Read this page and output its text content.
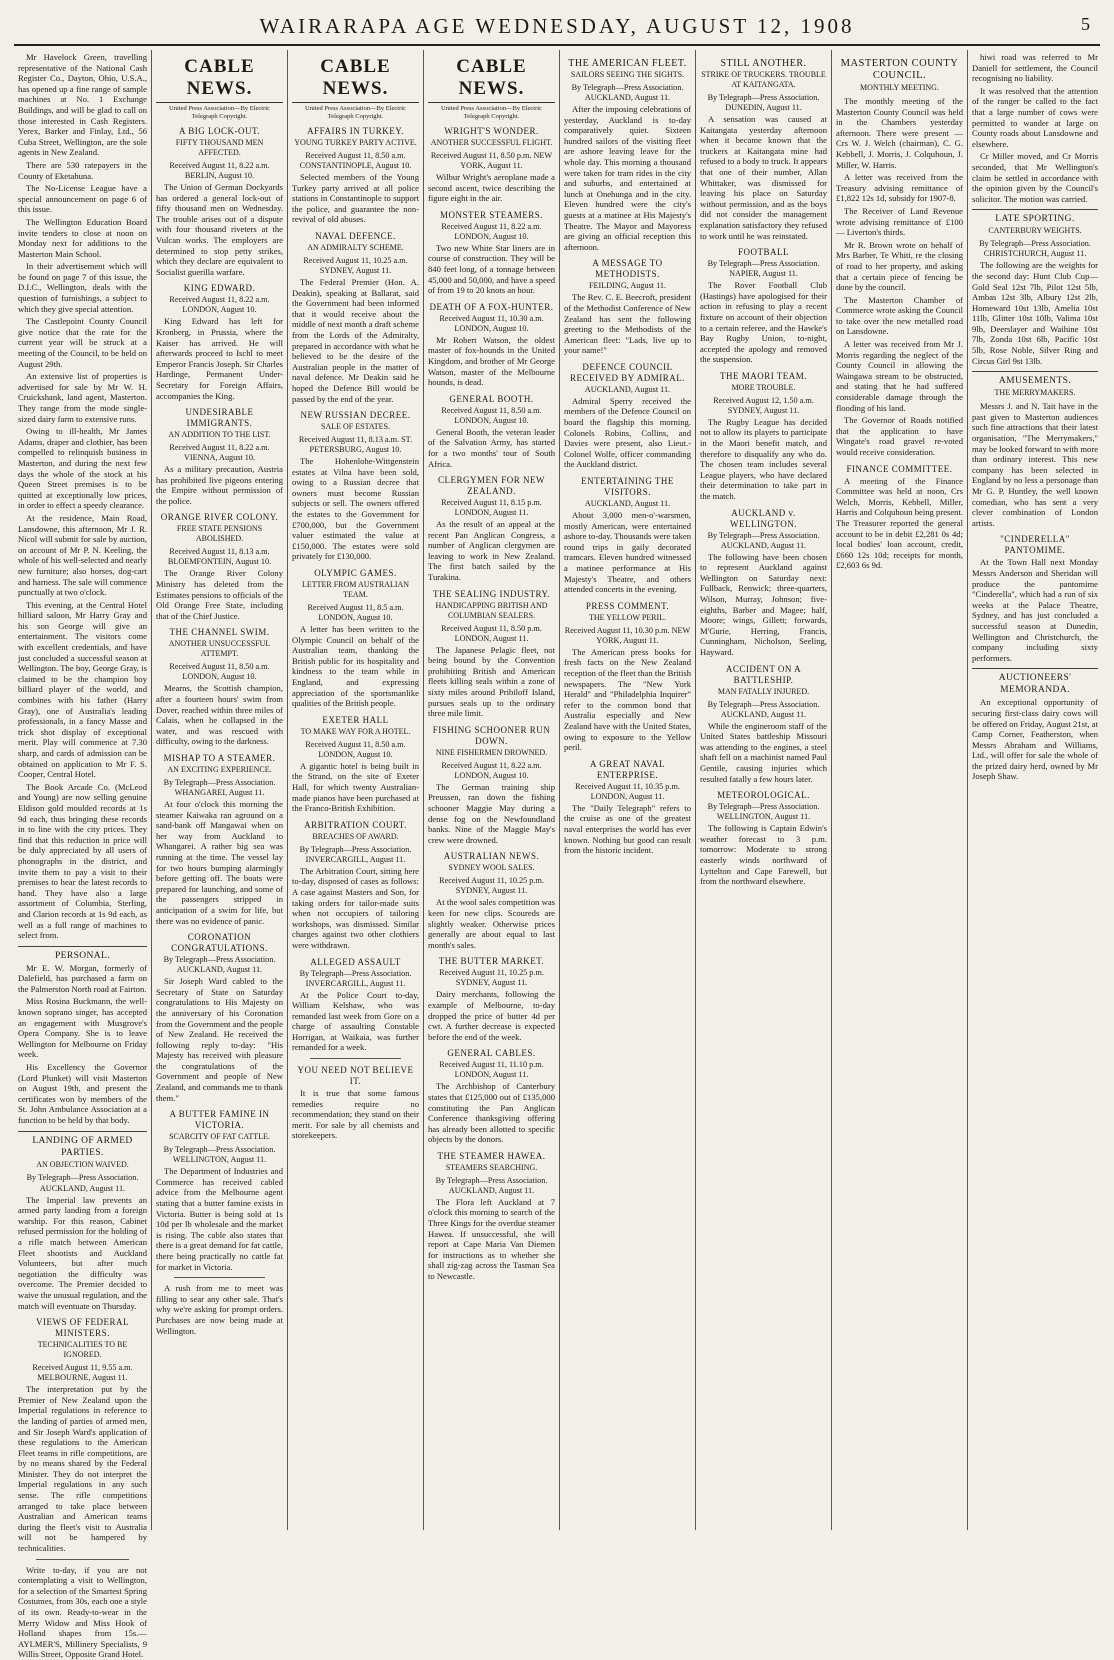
WAIRARAPA AGE WEDNESDAY, AUGUST 12, 1908	5

Mr Havelock Green, travelling representative of the National Cash Register Co., Dayton, Ohio, U.S.A., has opened up a fine range of sample machines at No. 1 Exchange Buildings, and will be glad to call on those interested in Cash Registers. Yerex, Barker and Finlay, Ltd., 56 Cuba Street, Wellington, are the sole agents in New Zealand.

There are 530 ratepayers in the County of Eketahuna.

The No-License League have a special announcement on page 6 of this issue.

The Wellington Education Board invite tenders to close at noon on Monday next for additions to the Masterton Main School.

In their advertisement which will be found on page 7 of this issue, the D.I.C., Wellington, deals with the question of furnishings, a subject to which they give special attention.

The Castlepoint County Council give notice that the rate for the current year will be struck at a meeting of the Council, to be held on August 29th.

An extensive list of properties is advertised for sale by Mr W. H. Cruickshank, land agent, Masterton. They range from the mode single-sized dairy farm to extensive runs.

Owing to ill-health, Mr James Adams, draper and clothier, has been compelled to relinquish business in Masterton, and during the next few days the whole of the stock at his Queen Street premises is to be quitted at exceptionally low prices, in order to effect a speedy clearance.

At the residence, Main Road, Lansdowne, this afternoon, Mr J. R. Nicol will submit for sale by auction, on account of Mr P. N. Keeling, the whole of his well-selected and nearly new furniture; also horses, dog-cart and harness. The sale will commence punctually at two o'clock.

This evening, at the Central Hotel billiard saloon, Mr Harry Gray and his son George will give an entertainment. The visitors come with excellent credentials, and have just concluded a successful season at Wellington. The boy, George Gray, is claimed to be the champion boy billiard player of the world, and combines with his father (Harry Gray), one of Australia's leading professionals, in a fancy Masse and trick shot display of exceptional merit. Play will commence at 7.30 sharp, and cards of admission can be obtained on application to Mr F. S. Cooper, Central Hotel.

The Book Arcade Co. (McLeod and Young) are now selling genuine Eldison gold moulded records at 1s 9d each, thus bringing these records in to line with the city prices. They find that this reduction in price will be duly appreciated by all users of phonographs in the district, and invite them to pay a visit to their premises to hear the latest records to hand. They have also a large assortment of Columbia, Sterling, and Clarion records at 1s 9d each, as well as a full range of machines to select from.

PERSONAL.

Mr E. W. Morgan, formerly of Dalefield, has purchased a farm on the Palmerston North road at Fairton.

Miss Rosina Buckmann, the well-known soprano singer, has accepted an engagement with Musgrove's Opera Company. She is to leave Wellington for Melbourne on Friday week.

His Excellency the Governor (Lord Plunket) will visit Masterton on August 19th, and present the certificates won by members of the St. John Ambulance Association at a function to be held by that body.

LANDING OF ARMED PARTIES.
AN OBJECTION WAIVED.
By Telegraph—Press Association.
AUCKLAND, August 11.

The Imperial law prevents an armed party landing from a foreign warship. For this reason, Cabinet refused permission for the holding of a rifle match between American Fleet shootists and Auckland Volunteers, but after much negotiation the difficulty was overcome. The Premier decided to waive the unusual regulation, and the match will eventuate on Thursday.

VIEWS OF FEDERAL MINISTERS.
TECHNICALITIES TO BE IGNORED.
Received August 11, 9.55 a.m. MELBOURNE, August 11.

The interpretation put by the Premier of New Zealand upon the Imperial regulations in reference to the landing of parties of armed men, and Sir Joseph Ward's application of these regulations to the American Fleet teams in rifle competitions, are by no means shared by the Federal Minister. They do not interpret the Imperial regulations in any such sense. The rifle competitions arranged to take place between Australian and American teams during the fleet's visit to Australia will not be hampered by technicalities.

Write to-day, if you are not contemplating a visit to Wellington, for a selection of the Smartest Spring Costumes, from 30s, each one a style of its own. Ready-to-wear in the Merry Widow and Miss Hook of Holland shapes from 15s.—AYLMER'S, Millinery Specialists, 9 Willis Street, Opposite Grand Hotel.

CABLE NEWS.
United Press Association—By Electric Telegraph Copyright.
A BIG LOCK-OUT.
FIFTY THOUSAND MEN AFFECTED.
Received August 11, 8.22 a.m. BERLIN, August 10.

The Union of German Dockyards has ordered a general lock-out of fifty thousand men on Wednesday. The trouble arises out of a dispute with four thousand riveters at the Vulcan works. The employers are determined to stop petty strikes, which they declare are equivalent to Socialist guerilla warfare.

KING EDWARD.
Received August 11, 8.22 a.m. LONDON, August 10.

King Edward has left for Kronberg, in Prussia, where the Kaiser has arrived. He will afterwards proceed to Ischl to meet Emperor Francis Joseph. Sir Charles Hardinge, Permanent Under-Secretary for Foreign Affairs, accompanies the King.

UNDESIRABLE IMMIGRANTS.
AN ADDITION TO THE LIST.
Received August 11, 8.22 a.m. VIENNA, August 10.

As a military precaution, Austria has prohibited live pigeons entering the Empire without permission of the police.

ORANGE RIVER COLONY.
FREE STATE PENSIONS ABOLISHED.
Received August 11, 8.13 a.m. BLOEMFONTEIN, August 10.

The Orange River Colony Ministry has deleted from the Estimates pensions to officials of the Old Orange Free State, including that of the Chief Justice.

THE CHANNEL SWIM.
ANOTHER UNSUCCESSFUL ATTEMPT.
Received August 11, 8.50 a.m. LONDON, August 10.

Mearns, the Scottish champion, after a fourteen hours' swim from Dover, reached within three miles of Calais, when he collapsed in the water, and was rescued with difficulty, owing to the darkness.

MISHAP TO A STEAMER.
AN EXCITING EXPERIENCE.
By Telegraph—Press Association. WHANGAREI, August 11.

At four o'clock this morning the steamer Kaiwaka ran aground on a sand-bank off Mangawai when on her way from Auckland to Whangarei. A rather big sea was running at the time. The vessel lay for two hours bumping alarmingly before getting off. The boats were prepared for launching, and some of the passengers stripped in anticipation of a swim for life, but there was no evidence of panic.

CORONATION CONGRATULATIONS.
By Telegraph—Press Association. AUCKLAND, August 11.

Sir Joseph Ward cabled to the Secretary of State on Saturday congratulations to His Majesty on the anniversary of his Coronation from the Government and the people of New Zealand. He received the following reply to-day: "His Majesty has received with pleasure the congratulations of the Government and people of New Zealand, and commands me to thank them."

A BUTTER FAMINE IN VICTORIA.
SCARCITY OF FAT CATTLE.
By Telegraph—Press Association. WELLINGTON, August 11.

The Department of Industries and Commerce has received cabled advice from the Melbourne agent stating that a butter famine exists in Victoria. Butter is being sold at 1s 10d per lb wholesale and the market is rising. The cable also states that there is a great demand for fat cattle, there being practically no cattle fat for market in Victoria.

A rush from me to meet was filling to sear any other sale. That's why we're asking for prompt orders. Purchases are now being made at Wellington.

CABLE NEWS.
United Press Association—By Electric Telegraph Copyright.
AFFAIRS IN TURKEY.
YOUNG TURKEY PARTY ACTIVE.
Received August 11, 8.50 a.m. CONSTANTINOPLE, August 10.

Selected members of the Young Turkey party arrived at all police stations in Constantinople to support the police, and guarantee the non-revival of old abuses.

NAVAL DEFENCE.
AN ADMIRALTY SCHEME.
Received August 11, 10.25 a.m. SYDNEY, August 11.

The Federal Premier (Hon. A. Deakin), speaking at Ballarat, said the Government had been informed that it would receive about the middle of next month a draft scheme from the Lords of the Admiralty, prepared in accordance with what he believed to be the desire of the Australian people in the matter of naval defence. Mr Deakin said he hoped the Defence Bill would be passed by the end of the year.

NEW RUSSIAN DECREE.
SALE OF ESTATES.
Received August 11, 8.13 a.m. ST. PETERSBURG, August 10.

The Hohenlohe-Wittgenstein estates at Vilna have been sold, owing to a Russian decree that owners must become Russian subjects or sell. The owners offered the estates to the Government for £700,000, but the Government valuer estimated the value at £150,000. The estates were sold privately for £130,000.

OLYMPIC GAMES.
LETTER FROM AUSTRALIAN TEAM.
Received August 11, 8.5 a.m. LONDON, August 10.

A letter has been written to the Olympic Council on behalf of the Australian team, thanking the British public for its hospitality and kindness to the team while in England, and expressing appreciation of the sportsmanlike qualities of the British people.

EXETER HALL
TO MAKE WAY FOR A HOTEL.
Received August 11, 8.50 a.m. LONDON, August 10.

A gigantic hotel is being built in the Strand, on the site of Exeter Hall, for which twenty Australian-made pianos have been purchased at the Franco-British Exhibition.

ARBITRATION COURT.
BREACHES OF AWARD.
By Telegraph—Press Association. INVERCARGILL, August 11.

The Arbitration Court, sitting here to-day, disposed of cases as follows: A case against Masters and Son, for taking orders for tailor-made suits when not occupiers of tailoring workshops, was dismissed. Similar charges against two other clothiers were withdrawn.

ALLEGED ASSAULT
By Telegraph—Press Association. INVERCARGILL, August 11.

At the Police Court to-day, William Kelshaw, who was remanded last week from Gore on a charge of assaulting Constable Horrigan, at Waikaia, was further remanded for a week.

YOU NEED NOT BELIEVE IT.

It is true that some famous remedies require no recommendation; they stand on their merit. For sale by all chemists and storekeepers.

CABLE NEWS.
United Press Association—By Electric Telegraph Copyright.
WRIGHT'S WONDER.
ANOTHER SUCCESSFUL FLIGHT.
Received August 11, 8.50 p.m. NEW YORK, August 11.

Wilbur Wright's aeroplane made a second ascent, twice describing the figure eight in the air.

MONSTER STEAMERS.
Received August 11, 8.22 a.m. LONDON, August 10.

Two new White Star liners are in course of construction. They will be 840 feet long, of a tonnage between 45,000 and 50,000, and have a speed of from 19 to 20 knots an hour.

DEATH OF A FOX-HUNTER.
Received August 11, 10.30 a.m. LONDON, August 10.

Mr Robert Watson, the oldest master of fox-hounds in the United Kingdom, and brother of Mr George Watson, master of the Melbourne hounds, is dead.

GENERAL BOOTH.
Received August 11, 8.50 a.m. LONDON, August 10.

General Booth, the veteran leader of the Salvation Army, has started for a two months' tour of South Africa.

CLERGYMEN FOR NEW ZEALAND.
Received August 11, 8.15 p.m. LONDON, August 11.

As the result of an appeal at the recent Pan Anglican Congress, a number of Anglican clergymen are leaving to work in New Zealand. The first batch sailed by the Turakina.

THE SEALING INDUSTRY.
HANDICAPPING BRITISH AND COLUMBIAN SEALERS.
Received August 11, 8.50 p.m. LONDON, August 11.

The Japanese Pelagic fleet, not being bound by the Convention prohibiting British and American fleets killing seals within a zone of sixty miles around Pribiloff Island, pursues seals up to the ordinary three mile limit.

FISHING SCHOONER RUN DOWN.
NINE FISHERMEN DROWNED.
Received August 11, 8.22 a.m. LONDON, August 10.

The German training ship Preussen, ran down the fishing schooner Maggie May during a dense fog on the Newfoundland banks. Nine of the Maggie May's crew were drowned.

AUSTRALIAN NEWS.
SYDNEY WOOL SALES.
Received August 11, 10.25 p.m. SYDNEY, August 11.

At the wool sales competition was keen for new clips. Scoureds are slightly weaker. Otherwise prices generally are about equal to last month's sales.

THE BUTTER MARKET.
Received August 11, 10.25 p.m. SYDNEY, August 11.

Dairy merchants, following the example of Melbourne, to-day dropped the price of butter 4d per cwt. A further decrease is expected before the end of the week.

GENERAL CABLES.
Received August 11, 11.10 p.m. LONDON, August 11.

The Archbishop of Canterbury states that £125,000 out of £135,000 constituting the Pan Anglican Conference thanksgiving offering has already been allotted to specific objects by the donors.

THE STEAMER HAWEA.
STEAMERS SEARCHING.
By Telegraph—Press Association. AUCKLAND, August 11.

The Flora left Auckland at 7 o'clock this morning to search of the Three Kings for the overdue steamer Hawea. If unsuccessful, she will report at Cape Maria Van Diemen for instructions as to whether she shall zig-zag across the Tasman Sea to Newcastle.

THE AMERICAN FLEET.
SAILORS SEEING THE SIGHTS.
By Telegraph—Press Association. AUCKLAND, August 11.

After the imposing celebrations of yesterday, Auckland is to-day comparatively quiet. Sixteen hundred sailors of the visiting fleet are ashore leaving leave for the whole day. This morning a thousand were taken for tram rides in the city and suburbs, and entertained at lunch at Onehunga and in the city. Eleven hundred were the city's guests at a matinee at His Majesty's Theatre. The Mayor and Mayoress are giving an official reception this afternoon.

A MESSAGE TO METHODISTS.
FEILDING, August 11.

The Rev. C. E. Beecroft, president of the Methodist Conference of New Zealand has sent the following greeting to the Methodists of the American fleet: "Lads, live up to your name!"

DEFENCE COUNCIL RECEIVED BY ADMIRAL.
AUCKLAND, August 11.

Admiral Sperry received the members of the Defence Council on board the flagship this morning. Colonels Robins, Collins, and Davies were present, also Lieut.-Colonel Wolfe, officer commanding the Auckland district.

ENTERTAINING THE VISITORS.
AUCKLAND, August 11.

About 3,000 men-o'-warsmen, mostly American, were entertained ashore to-day. Thousands were taken round trips in gaily decorated tramcars. Eleven hundred witnessed a matinee performance at His Majesty's Theatre, and others attended concerts in the evening.

PRESS COMMENT.
THE YELLOW PERIL.
Received August 11, 10.30 p.m. NEW YORK, August 11.

The American press books for fresh facts on the New Zealand reception of the fleet than the British newspapers. The "New York Herald" and "Philadelphia Inquirer" refer to the common bond that Australia especially and New Zealand have with the United States, owing to exposure to the Yellow peril.

A GREAT NAVAL ENTERPRISE.
Received August 11, 10.35 p.m. LONDON, August 11.

The "Daily Telegraph" refers to the cruise as one of the greatest naval enterprises the world has ever known. Nothing but good can result from the historic incident.

STILL ANOTHER.
STRIKE OF TRUCKERS. TROUBLE AT KAITANGATA.
By Telegraph—Press Association. DUNEDIN, August 11.

A sensation was caused at Kaitangata yesterday afternoon when it became known that the truckers at Kaitangata mine had refused to a body to truck. It appears that one of their number, Allan Whittaker, was dismissed for leaving his place on Saturday without permission, and as the boys did not consider the management explanation satisfactory they refused to work until he was reinstated.

FOOTBALL
By Telegraph—Press Association. NAPIER, August 11.

The Rover Football Club (Hastings) have apologised for their action in refusing to play a recent fixture on account of their objection to a certain referee, and the Hawke's Bay Rugby Union, to-night, accepted the apology and removed the suspension.

THE MAORI TEAM.
MORE TROUBLE.
Received August 12, 1.50 a.m. SYDNEY, August 11.

The Rugby League has decided not to allow its players to participate in the Maori benefit match, and therefore to disqualify any who do. The chosen team includes several League players, who have declared their determination to take part in the match.

AUCKLAND v. WELLINGTON.
By Telegraph—Press Association. AUCKLAND, August 11.

The following have been chosen to represent Auckland against Wellington on Saturday next: Fullback, Renwick; three-quarters, Wilson, Murray, Johnson; five-eighths, Barber and Magee; half, Moore; wings, Gillett; forwards, M'Gurie, Herring, Francis, Cunningham, Nicholson, Seeling, Hayward.

ACCIDENT ON A BATTLESHIP.
MAN FATALLY INJURED.
By Telegraph—Press Association. AUCKLAND, August 11.

While the engineroom staff of the United States battleship Missouri was attending to the engines, a steel shaft fell on a machinist named Paul Gentile, causing injuries which resulted fatally a few hours later.

METEOROLOGICAL.
By Telegraph—Press Association. WELLINGTON, August 11.

The following is Captain Edwin's weather forecast to 3 p.m. tomorrow: Moderate to strong easterly winds northward of Lyttelton and Cape Farewell, but from the northward elsewhere.

MASTERTON COUNTY COUNCIL.
MONTHLY MEETING.

The monthly meeting of the Masterton County Council was held in the Chambers yesterday afternoon. There were present — Crs W. J. Welch (chairman), C. G. Kebbell, J. Morris, J. Colquhoun, J. Miller, W. Harris.

A letter was received from the Treasury advising remittance of £1,822 12s 1d, subsidy for 1907-8.

The Receiver of Land Revenue wrote advising remittance of £100 — Liverton's thirds.

Mr R. Brown wrote on behalf of Mrs Barber, Te Whiti, re the closing of road to her property, and asking that a certain piece of fencing be done by the council.

The Masterton Chamber of Commerce wrote asking the Council to take over the new metalled road on Lansdowne.

A letter was received from Mr J. Morris regarding the neglect of the County Council in allowing the Waingawa stream to be obstructed, and stating that he had suffered considerable damage through the flooding of his land.

The Governor of Roads notified that the application to have Wingate's road gravel re-voted would receive consideration.

FINANCE COMMITTEE.

A meeting of the Finance Committee was held at noon, Crs Welch, Morris, Kebbell, Miller, Harris and Colquhoun being present. The Treasurer reported the general account to be in debit £2,281 0s 4d; local bodies' loan account, credit, £660 12s 10d; receipts for month, £2,603 6s 9d.

hiwi road was referred to Mr Daniell for settlement, the Council recognising no liability.

It was resolved that the attention of the ranger be called to the fact that a large number of cows were permitted to wander at large on County roads about Lansdowne and elsewhere.

Cr Miller moved, and Cr Morris seconded, that Mr Wellington's claim be settled in accordance with the opinion given by the Council's solicitor. The motion was carried.

LATE SPORTING.
CANTERBURY WEIGHTS.
By Telegraph—Press Association. CHRISTCHURCH, August 11.

The following are the weights for the second day: Hunt Club Cup—Gold Seal 12st 7lb, Pilot 12st 5lb, Ambas 12st 3lb, Albury 12st 2lb, Homeward 10st 13lb, Amelia 10st 11lb, Glitter 10st 10lb, Valima 10st 9lb, Deerslayer and Waihine 10st 7lb, Zonda 10st 6lb, Pacific 10st 5lb, Rose Noble, Silver Ring and Circus Girl 9st 13lb.

AMUSEMENTS.
THE MERRYMAKERS.

Messrs J. and N. Tait have in the past given to Masterton audiences such fine attractions that their latest organisation, "The Merrymakers," may be looked forward to with more than ordinary interest. This new company has been selected in England by no less a personage than Mr G. P. Huntley, the well known comedian, who has sent a very clever combination of London artists.

"CINDERELLA" PANTOMIME.

At the Town Hall next Monday Messrs Anderson and Sheridan will produce the pantomime "Cinderella", which had a run of six weeks at the Palace Theatre, Sydney, and has just concluded a successful season at Dunedin, Wellington and Christchurch, the company including sixty performers.

AUCTIONEERS' MEMORANDA.

An exceptional opportunity of securing first-class dairy cows will be offered on Friday, August 21st, at Camp Corner, Featherston, when Messrs Abraham and Williams, Ltd., will offer for sale the whole of the prized dairy herd, owned by Mr Joseph Shaw.
